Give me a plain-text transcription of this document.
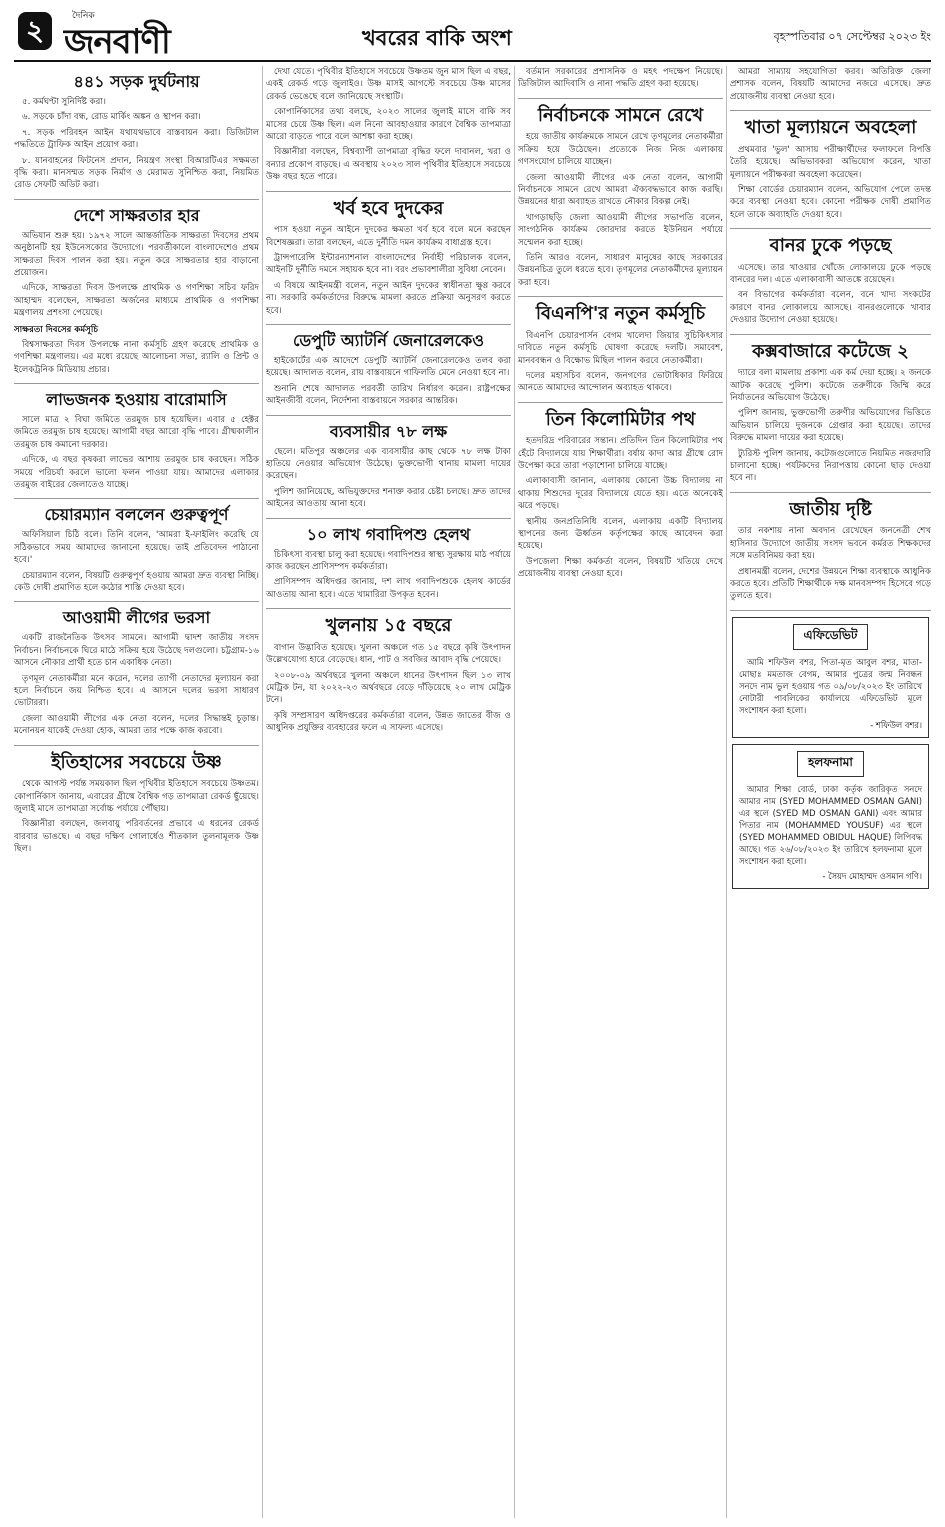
২	দৈনিক
জনবাণী	খবরের বাকি অংশ	বৃহস্পতিবার ০৭ সেপ্টেম্বর ২০২৩ ইং
৪৪১ সড়ক দুর্ঘটনায়

৫. কর্মঘণ্টা সুনির্দিষ্ট করা।

৬. সড়কে চাঁদা বন্ধ, রোড মার্কিং অঙ্কন ও স্থাপন করা।

৭. সড়ক পরিবহন আইন যথাযথভাবে বাস্তবায়ন করা। ডিজিটাল পদ্ধতিতে ট্রাফিক আইন প্রয়োগ করা।

৮. যানবাহনের ফিটনেস প্রদান, নিয়ন্ত্রণ সংস্থা বিআরটিএর সক্ষমতা বৃদ্ধি করা। মানসম্মত সড়ক নির্মাণ ও মেরামত সুনিশ্চিত করা, নিয়মিত রোড সেফটি অডিট করা।

দেশে সাক্ষরতার হার

অভিযান শুরু হয়। ১৯৭২ সালে আন্তর্জাতিক সাক্ষরতা দিবসের প্রথম অনুষ্ঠানটি হয় ইউনেসকোর উদ্যোগে। পরবর্তীকালে বাংলাদেশেও প্রথম সাক্ষরতা দিবস পালন করা হয়। নতুন করে সাক্ষরতার হার বাড়ানো প্রয়োজন।

এদিকে, সাক্ষরতা দিবস উপলক্ষে প্রাথমিক ও গণশিক্ষা সচিব ফরিদ আহাম্মদ বলেছেন, সাক্ষরতা অর্জনের মাধ্যমে প্রাথমিক ও গণশিক্ষা মন্ত্রণালয় প্রশংসা পেয়েছে।

সাক্ষরতা দিবসের কর্মসূচি

বিশ্বসাক্ষরতা দিবস উপলক্ষে নানা কর্মসূচি গ্রহণ করেছে প্রাথমিক ও গণশিক্ষা মন্ত্রণালয়। এর মধ্যে রয়েছে আলোচনা সভা, র‍্যালি ও প্রিন্ট ও ইলেকট্রনিক মিডিয়ায় প্রচার।

লাভজনক হওয়ায় বারোমাসি

সালে মাত্র ২ বিঘা জমিতে তরমুজ চাষ হয়েছিল। এবার ৫ হেক্টর জমিতে তরমুজ চাষ হয়েছে। আগামী বছর আরো বৃদ্ধি পাবে। গ্রীষ্মকালীন তরমুজ চাষ কমানো দরকার।

এদিকে, এ বছর কৃষকরা লাভের আশায় তরমুজ চাষ করছেন। সঠিক সময়ে পরিচর্যা করলে ভালো ফলন পাওয়া যায়। আমাদের এলাকার তরমুজ বাইরের জেলাতেও যাচ্ছে।

চেয়ারম্যান বললেন গুরুত্বপূর্ণ

অফিসিয়াল চিঠি বলে। তিনি বলেন, 'আমরা ই-ফাইলিং করেছি যে সঠিকভাবে সময় আমাদের জানানো হয়েছে। তাই প্রতিবেদন পাঠানো হবে।'

চেয়ারম্যান বলেন, বিষয়টি গুরুত্বপূর্ণ হওয়ায় আমরা দ্রুত ব্যবস্থা নিচ্ছি। কেউ দোষী প্রমাণিত হলে কঠোর শাস্তি দেওয়া হবে।

আওয়ামী লীগের ভরসা

একটি রাজনৈতিক উৎসব সামনে। আগামী দ্বাদশ জাতীয় সংসদ নির্বাচন। নির্বাচনকে ঘিরে মাঠে সক্রিয় হয়ে উঠেছে দলগুলো। চট্টগ্রাম-১৬ আসনে নৌকার প্রার্থী হতে চান একাধিক নেতা।

তৃণমূল নেতাকর্মীরা মনে করেন, দলের ত্যাগী নেতাদের মূল্যায়ন করা হলে নির্বাচনে জয় নিশ্চিত হবে। এ আসনে দলের ভরসা সাধারণ ভোটাররা।

জেলা আওয়ামী লীগের এক নেতা বলেন, দলের সিদ্ধান্তই চূড়ান্ত। মনোনয়ন যাকেই দেওয়া হোক, আমরা তার পক্ষে কাজ করবো।

ইতিহাসের সবচেয়ে উষ্ণ

থেকে আগস্ট পর্যন্ত সময়কাল ছিল পৃথিবীর ইতিহাসে সবচেয়ে উষ্ণতম। কোপার্নিকাস জানায়, এবারের গ্রীষ্মে বৈশ্বিক গড় তাপমাত্রা রেকর্ড ছুঁয়েছে। জুলাই মাসে তাপমাত্রা সর্বোচ্চ পর্যায়ে পৌঁছায়।

বিজ্ঞানীরা বলছেন, জলবায়ু পরিবর্তনের প্রভাবে এ ধরনের রেকর্ড বারবার ভাঙছে। এ বছর দক্ষিণ গোলার্ধেও শীতকাল তুলনামূলক উষ্ণ ছিল।

দেখা যেতে। পৃথিবীর ইতিহাসে সবচেয়ে উষ্ণতম জুন মাস ছিল এ বছর, একই রেকর্ড গড়ে জুলাইও। উষ্ণ মাসই আগস্টে সবচেয়ে উষ্ণ মাসের রেকর্ড ভেঙেছে বলে জানিয়েছে সংস্থাটি।

কোপার্নিকাসের তথ্য বলছে, ২০২৩ সালের জুলাই মাসে বাকি সব মাসের চেয়ে উষ্ণ ছিল। এল নিনো আবহাওয়ার কারণে বৈশ্বিক তাপমাত্রা আরো বাড়তে পারে বলে আশঙ্কা করা হচ্ছে।

বিজ্ঞানীরা বলছেন, বিশ্বব্যাপী তাপমাত্রা বৃদ্ধির ফলে দাবানল, খরা ও বন্যার প্রকোপ বাড়ছে। এ অবস্থায় ২০২৩ সাল পৃথিবীর ইতিহাসে সবচেয়ে উষ্ণ বছর হতে পারে।

খর্ব হবে দুদকের

পাস হওয়া নতুন আইনে দুদকের ক্ষমতা খর্ব হবে বলে মনে করছেন বিশেষজ্ঞরা। তারা বলছেন, এতে দুর্নীতি দমন কার্যক্রম বাধাগ্রস্ত হবে।

ট্রান্সপারেন্সি ইন্টারন্যাশনাল বাংলাদেশের নির্বাহী পরিচালক বলেন, আইনটি দুর্নীতি দমনে সহায়ক হবে না। বরং প্রভাবশালীরা সুবিধা নেবেন।

এ বিষয়ে আইনমন্ত্রী বলেন, নতুন আইন দুদকের স্বাধীনতা ক্ষুণ্ণ করবে না। সরকারি কর্মকর্তাদের বিরুদ্ধে মামলা করতে প্রক্রিয়া অনুসরণ করতে হবে।

ডেপুটি অ্যাটর্নি জেনারেলকেও

হাইকোর্টের এক আদেশে ডেপুটি অ্যাটর্নি জেনারেলকেও তলব করা হয়েছে। আদালত বলেন, রায় বাস্তবায়নে গাফিলতি মেনে নেওয়া হবে না।

শুনানি শেষে আদালত পরবর্তী তারিখ নির্ধারণ করেন। রাষ্ট্রপক্ষের আইনজীবী বলেন, নির্দেশনা বাস্তবায়নে সরকার আন্তরিক।

ব্যবসায়ীর ৭৮ লক্ষ

ছেলে। মতিপুর অঞ্চলের এক ব্যবসায়ীর কাছ থেকে ৭৮ লক্ষ টাকা হাতিয়ে নেওয়ার অভিযোগ উঠেছে। ভুক্তভোগী থানায় মামলা দায়ের করেছেন।

পুলিশ জানিয়েছে, অভিযুক্তদের শনাক্ত করার চেষ্টা চলছে। দ্রুত তাদের আইনের আওতায় আনা হবে।

১০ লাখ গবাদিপশু হেলথ

চিকিৎসা ব্যবস্থা চালু করা হয়েছে। গবাদিপশুর স্বাস্থ্য সুরক্ষায় মাঠ পর্যায়ে কাজ করছেন প্রাণিসম্পদ কর্মকর্তারা।

প্রাণিসম্পদ অধিদপ্তর জানায়, দশ লাখ গবাদিপশুকে হেলথ কার্ডের আওতায় আনা হবে। এতে খামারিরা উপকৃত হবেন।

খুলনায় ১৫ বছরে

বাগান উদ্ভাবিত হয়েছে। খুলনা অঞ্চলে গত ১৫ বছরে কৃষি উৎপাদন উল্লেখযোগ্য হারে বেড়েছে। ধান, পাট ও সবজির আবাদ বৃদ্ধি পেয়েছে।

২০০৮-০৯ অর্থবছরে খুলনা অঞ্চলে ধানের উৎপাদন ছিল ১৩ লাখ মেট্রিক টন, যা ২০২২-২৩ অর্থবছরে বেড়ে দাঁড়িয়েছে ২০ লাখ মেট্রিক টনে।

কৃষি সম্প্রসারণ অধিদপ্তরের কর্মকর্তারা বলেন, উন্নত জাতের বীজ ও আধুনিক প্রযুক্তির ব্যবহারের ফলে এ সাফল্য এসেছে।

বর্তমান সরকারের প্রশাসনিক ও মহৎ পদক্ষেপ নিয়েছে। ডিজিটাল আদিবাসি ও নানা পদ্ধতি গ্রহণ করা হয়েছে।

নির্বাচনকে সামনে রেখে

হয়ে জাতীয় কার্যক্রমকে সামনে রেখে তৃণমূলের নেতাকর্মীরা সক্রিয় হয়ে উঠেছেন। প্রত্যেকে নিজ নিজ এলাকায় গণসংযোগ চালিয়ে যাচ্ছেন।

জেলা আওয়ামী লীগের এক নেতা বলেন, আগামী নির্বাচনকে সামনে রেখে আমরা ঐক্যবদ্ধভাবে কাজ করছি। উন্নয়নের ধারা অব্যাহত রাখতে নৌকার বিকল্প নেই।

খাগড়াছড়ি জেলা আওয়ামী লীগের সভাপতি বলেন, সাংগঠনিক কার্যক্রম জোরদার করতে ইউনিয়ন পর্যায়ে সম্মেলন করা হচ্ছে।

তিনি আরও বলেন, সাধারণ মানুষের কাছে সরকারের উন্নয়নচিত্র তুলে ধরতে হবে। তৃণমূলের নেতাকর্মীদের মূল্যায়ন করা হবে।

বিএনপি'র নতুন কর্মসূচি

বিএনপি চেয়ারপার্সন বেগম খালেদা জিয়ার সুচিকিৎসার দাবিতে নতুন কর্মসূচি ঘোষণা করেছে দলটি। সমাবেশ, মানববন্ধন ও বিক্ষোভ মিছিল পালন করবে নেতাকর্মীরা।

দলের মহাসচিব বলেন, জনগণের ভোটাধিকার ফিরিয়ে আনতে আমাদের আন্দোলন অব্যাহত থাকবে।

তিন কিলোমিটার পথ

হতদরিদ্র পরিবারের সন্তান। প্রতিদিন তিন কিলোমিটার পথ হেঁটে বিদ্যালয়ে যায় শিক্ষার্থীরা। বর্ষায় কাদা আর গ্রীষ্মে রোদ উপেক্ষা করে তারা পড়াশোনা চালিয়ে যাচ্ছে।

এলাকাবাসী জানান, এলাকায় কোনো উচ্চ বিদ্যালয় না থাকায় শিশুদের দূরের বিদ্যালয়ে যেতে হয়। এতে অনেকেই ঝরে পড়ছে।

স্থানীয় জনপ্রতিনিধি বলেন, এলাকায় একটি বিদ্যালয় স্থাপনের জন্য ঊর্ধ্বতন কর্তৃপক্ষের কাছে আবেদন করা হয়েছে।

উপজেলা শিক্ষা কর্মকর্তা বলেন, বিষয়টি খতিয়ে দেখে প্রয়োজনীয় ব্যবস্থা নেওয়া হবে।

আমরা সাম্যায় সহযোগিতা করব। অতিরিক্ত জেলা প্রশাসক বলেন, বিষয়টি আমাদের নজরে এসেছে। দ্রুত প্রয়োজনীয় ব্যবস্থা নেওয়া হবে।

খাতা মূল্যায়নে অবহেলা

প্রথমবার 'ভুল' আসায় পরীক্ষার্থীদের ফলাফলে বিপত্তি তৈরি হয়েছে। অভিভাবকরা অভিযোগ করেন, খাতা মূল্যায়নে পরীক্ষকরা অবহেলা করেছেন।

শিক্ষা বোর্ডের চেয়ারম্যান বলেন, অভিযোগ পেলে তদন্ত করে ব্যবস্থা নেওয়া হবে। কোনো পরীক্ষক দোষী প্রমাণিত হলে তাকে অব্যাহতি দেওয়া হবে।

বানর ঢুকে পড়ছে

এসেছে। তার খাওয়ার খোঁজে লোকালয়ে ঢুকে পড়ছে বানরের দল। এতে এলাকাবাসী আতঙ্কে রয়েছেন।

বন বিভাগের কর্মকর্তারা বলেন, বনে খাদ্য সংকটের কারণে বানর লোকালয়ে আসছে। বানরগুলোকে খাবার দেওয়ার উদ্যোগ নেওয়া হয়েছে।

কক্সবাজারে কটেজে ২

দ্যারে বলা মামলায় প্রকাশ্য এক কর্ম দেয়া হচ্ছে। ২ জনকে আটক করেছে পুলিশ। কটেজে তরুণীকে জিম্মি করে নির্যাতনের অভিযোগ উঠেছে।

পুলিশ জানায়, ভুক্তভোগী তরুণীর অভিযোগের ভিত্তিতে অভিযান চালিয়ে দুজনকে গ্রেপ্তার করা হয়েছে। তাদের বিরুদ্ধে মামলা দায়ের করা হয়েছে।

ট্যুরিস্ট পুলিশ জানায়, কটেজগুলোতে নিয়মিত নজরদারি চালানো হচ্ছে। পর্যটকদের নিরাপত্তায় কোনো ছাড় দেওয়া হবে না।

জাতীয় দৃষ্টি

তার নকশায় নানা অবদান রেখেছেন জননেত্রী শেখ হাসিনার উদ্যোগে জাতীয় সংসদ ভবনে কর্মরত শিক্ষকদের সঙ্গে মতবিনিময় করা হয়।

প্রধানমন্ত্রী বলেন, দেশের উন্নয়নে শিক্ষা ব্যবস্থাকে আধুনিক করতে হবে। প্রতিটি শিক্ষার্থীকে দক্ষ মানবসম্পদ হিসেবে গড়ে তুলতে হবে।

এফিডেভিট

আমি শফিউল বশর, পিতা-মৃত আবুল বশর, মাতা-মোছাঃ মমতাজ বেগম, আমার পুত্রের জন্ম নিবন্ধন সনদে নাম ভুল হওয়ায় গত ০৯/০৮/২০২৩ ইং তারিখে নোটারী পাবলিকের কার্যালয়ে এফিডেভিট মূলে সংশোধন করা হলো।

- শফিউল বশর।
হলফনামা

আমার শিক্ষা বোর্ড, ঢাকা কর্তৃক জারিকৃত সনদে আমার নাম (SYED MOHAMMED OSMAN GANI) এর স্থলে (SYED MD OSMAN GANI) এবং আমার পিতার নাম (MOHAMMED YOUSUF) এর স্থলে (SYED MOHAMMED OBIDUL HAQUE) লিপিবদ্ধ আছে। গত ২৬/০৮/২০২৩ ইং তারিখে হলফনামা মূলে সংশোধন করা হলো।

- সৈয়দ মোহাম্মদ ওসমান গণি।
